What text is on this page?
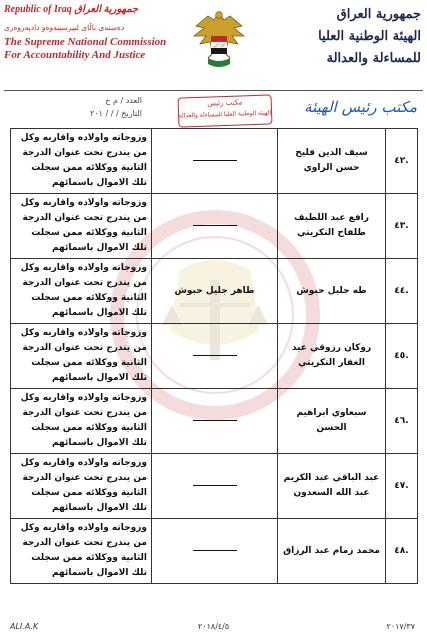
Republic of Iraq جمهورية العراق
دەستەی باڵای لیپرسینەوەو دادپەروەری
The Supreme National Commission
For Accountability And Justice
الله أكبر
جمهورية العراق
الهيئة الوطنية العليا
للمساءلة والعدالة
العدد / م خ
التاريخ / / / ٢٠١
مكتب رئيس
الهيئة الوطنية العليا للمساءلة والعدالة مكتب رئيس الهيئة
.٤٢	سيف الدين فليح حسن الراوي		وزوجاته واولاده واقاربه وكل من يندرج تحت عنوان الدرجة الثانية ووكلائه ممن سجلت تلك الاموال باسمائهم
.٤٣	رافع عبد اللطيف طلفاح التكريتي		وزوجاته واولاده واقاربه وكل من يندرج تحت عنوان الدرجة الثانية ووكلائه ممن سجلت تلك الاموال باسمائهم
.٤٤	طه جليل حبوش	طاهر جليل حبوش	وزوجاته واولاده واقاربه وكل من يندرج تحت عنوان الدرجة الثانية ووكلائه ممن سجلت تلك الاموال باسمائهم
.٤٥	روكان رزوقي عبد الغفار التكريتي		وزوجاته واولاده واقاربه وكل من يندرج تحت عنوان الدرجة الثانية ووكلائه ممن سجلت تلك الاموال باسمائهم
.٤٦	سبعاوي ابراهيم الحسن		وزوجاته واولاده واقاربه وكل من يندرج تحت عنوان الدرجة الثانية ووكلائه ممن سجلت تلك الاموال باسمائهم
.٤٧	عبد الباقي عبد الكريم عبد الله السعدون		وزوجاته واولاده واقاربه وكل من يندرج تحت عنوان الدرجة الثانية ووكلائه ممن سجلت تلك الاموال باسمائهم
.٤٨	محمد زمام عبد الرزاق		وزوجاته واولاده واقاربه وكل من يندرج تحت عنوان الدرجة الثانية ووكلائه ممن سجلت تلك الاموال باسمائهم
ALI.A.K	٢٠١٨/٤/٥	٢٠١٧/٣٧
